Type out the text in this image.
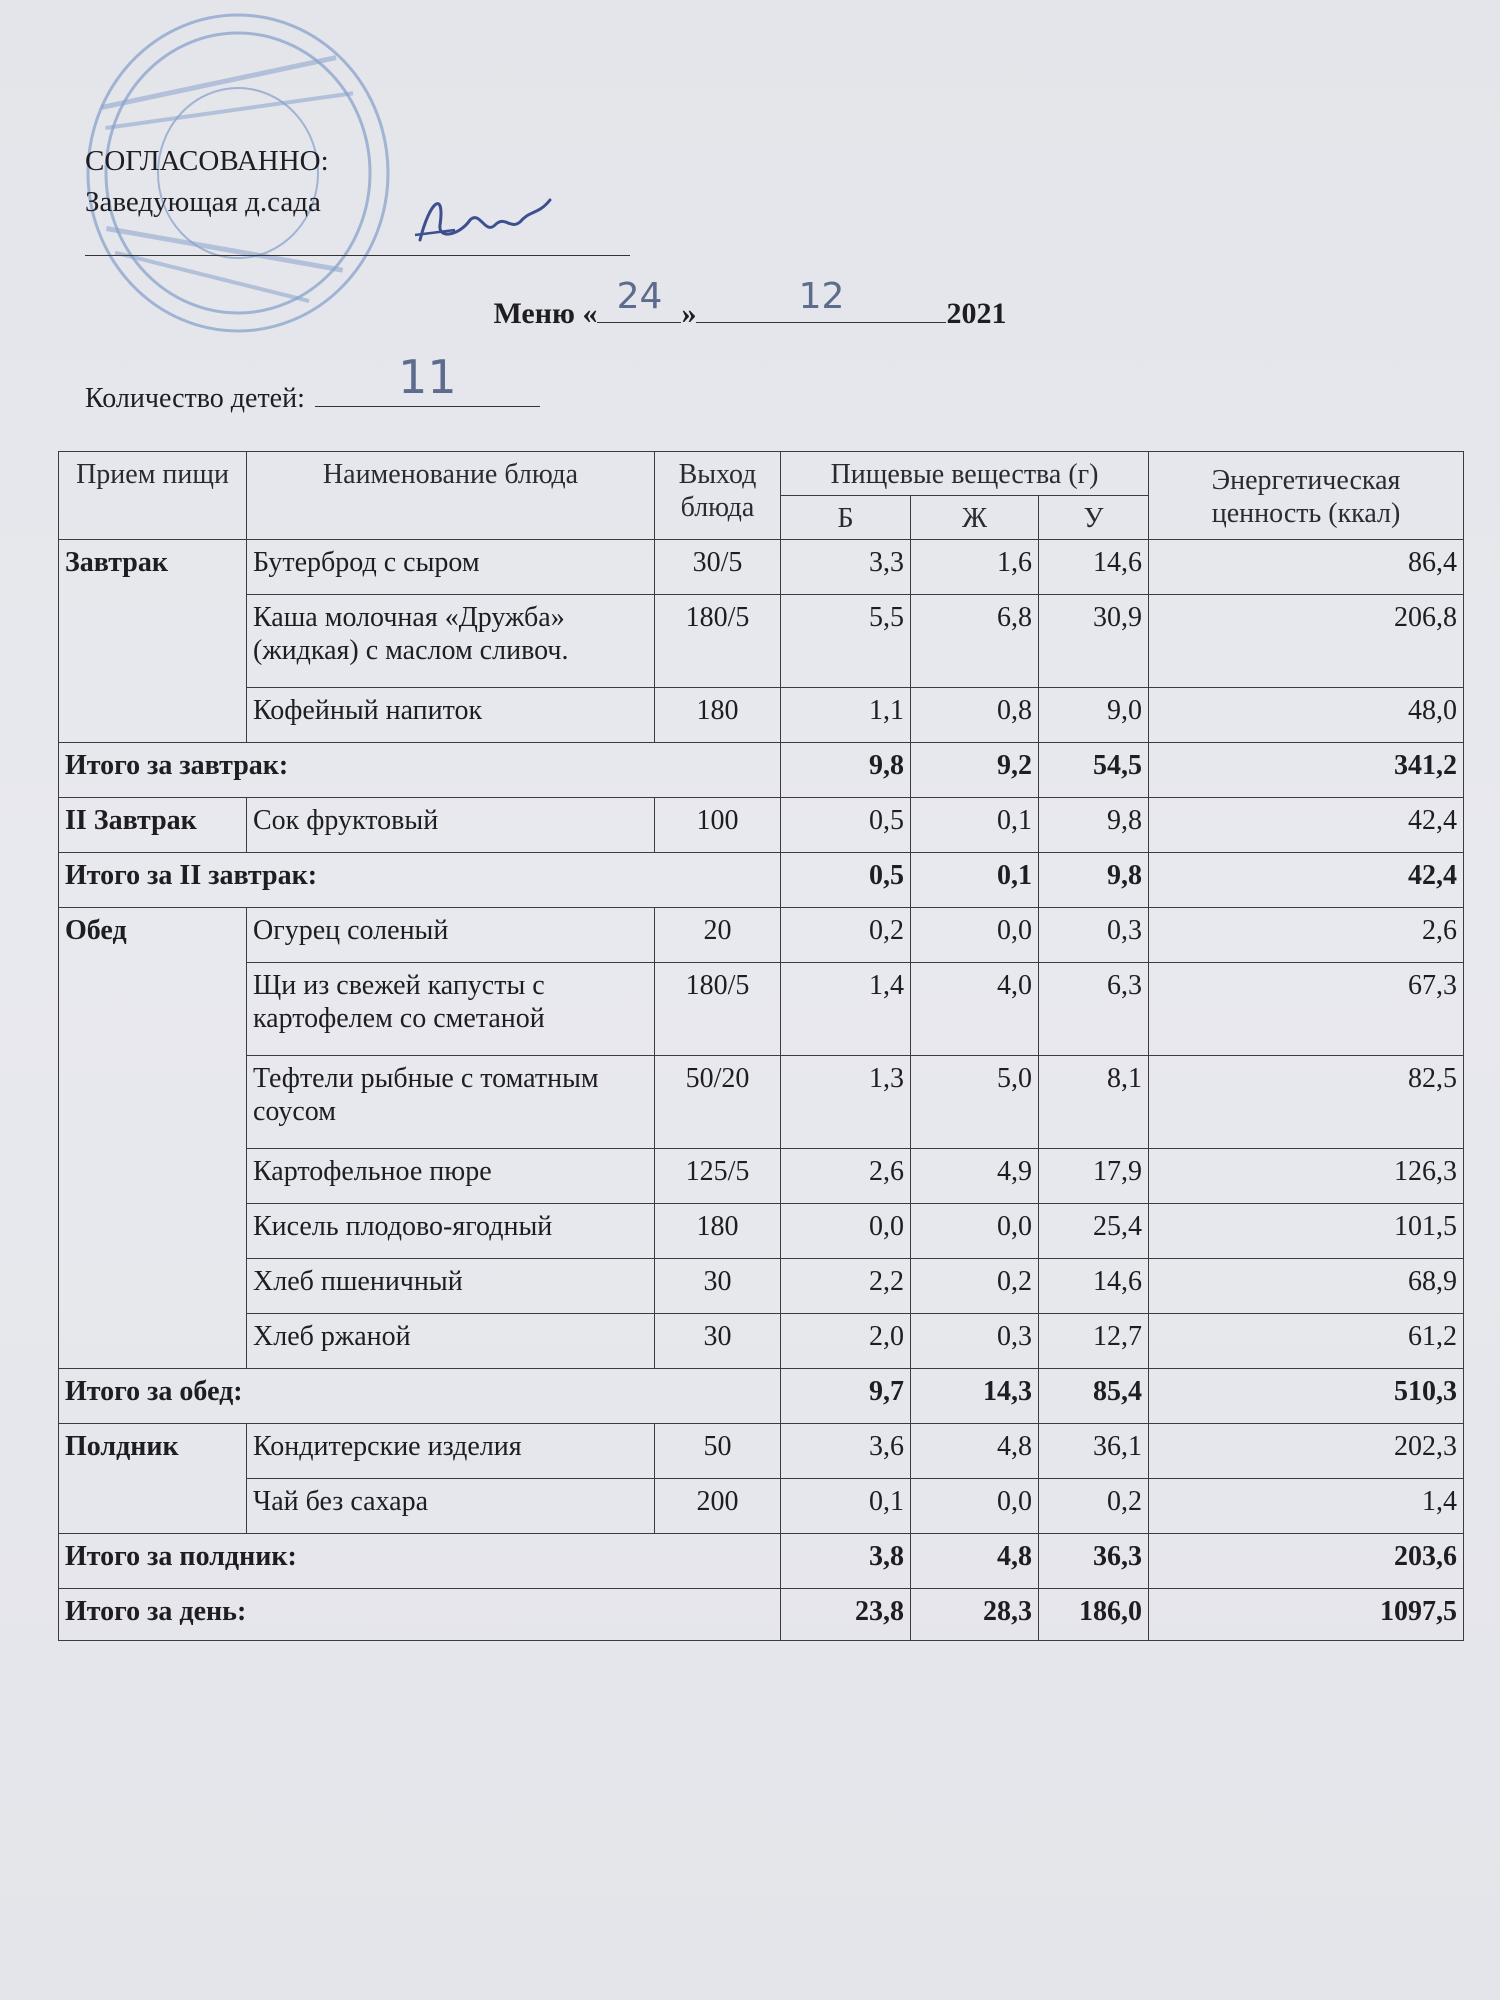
СОГЛАСОВАННО:
Заведующая д.сада
Меню « 24 »	12	2021
Количество детей:	11
Прием пищи	Наименование блюда	Выход блюда	Пищевые вещества (г)			Энергетическая ценность (ккал)
			Б	Ж	У	
Завтрак	Бутерброд с сыром	30/5	3,3	1,6	14,6	86,4
	Каша молочная «Дружба» (жидкая) с маслом сливоч.	180/5	5,5	6,8	30,9	206,8
	Кофейный напиток	180	1,1	0,8	9,0	48,0
Итого за завтрак:			9,8	9,2	54,5	341,2
II Завтрак	Сок фруктовый	100	0,5	0,1	9,8	42,4
Итого за II завтрак:			0,5	0,1	9,8	42,4
Обед	Огурец соленый	20	0,2	0,0	0,3	2,6
	Щи из свежей капусты с картофелем со сметаной	180/5	1,4	4,0	6,3	67,3
	Тефтели рыбные с томатным соусом	50/20	1,3	5,0	8,1	82,5
	Картофельное пюре	125/5	2,6	4,9	17,9	126,3
	Кисель плодово-ягодный	180	0,0	0,0	25,4	101,5
	Хлеб пшеничный	30	2,2	0,2	14,6	68,9
	Хлеб ржаной	30	2,0	0,3	12,7	61,2
Итого за обед:			9,7	14,3	85,4	510,3
Полдник	Кондитерские изделия	50	3,6	4,8	36,1	202,3
	Чай без сахара	200	0,1	0,0	0,2	1,4
Итого за полдник:			3,8	4,8	36,3	203,6
Итого за день:			23,8	28,3	186,0	1097,5
